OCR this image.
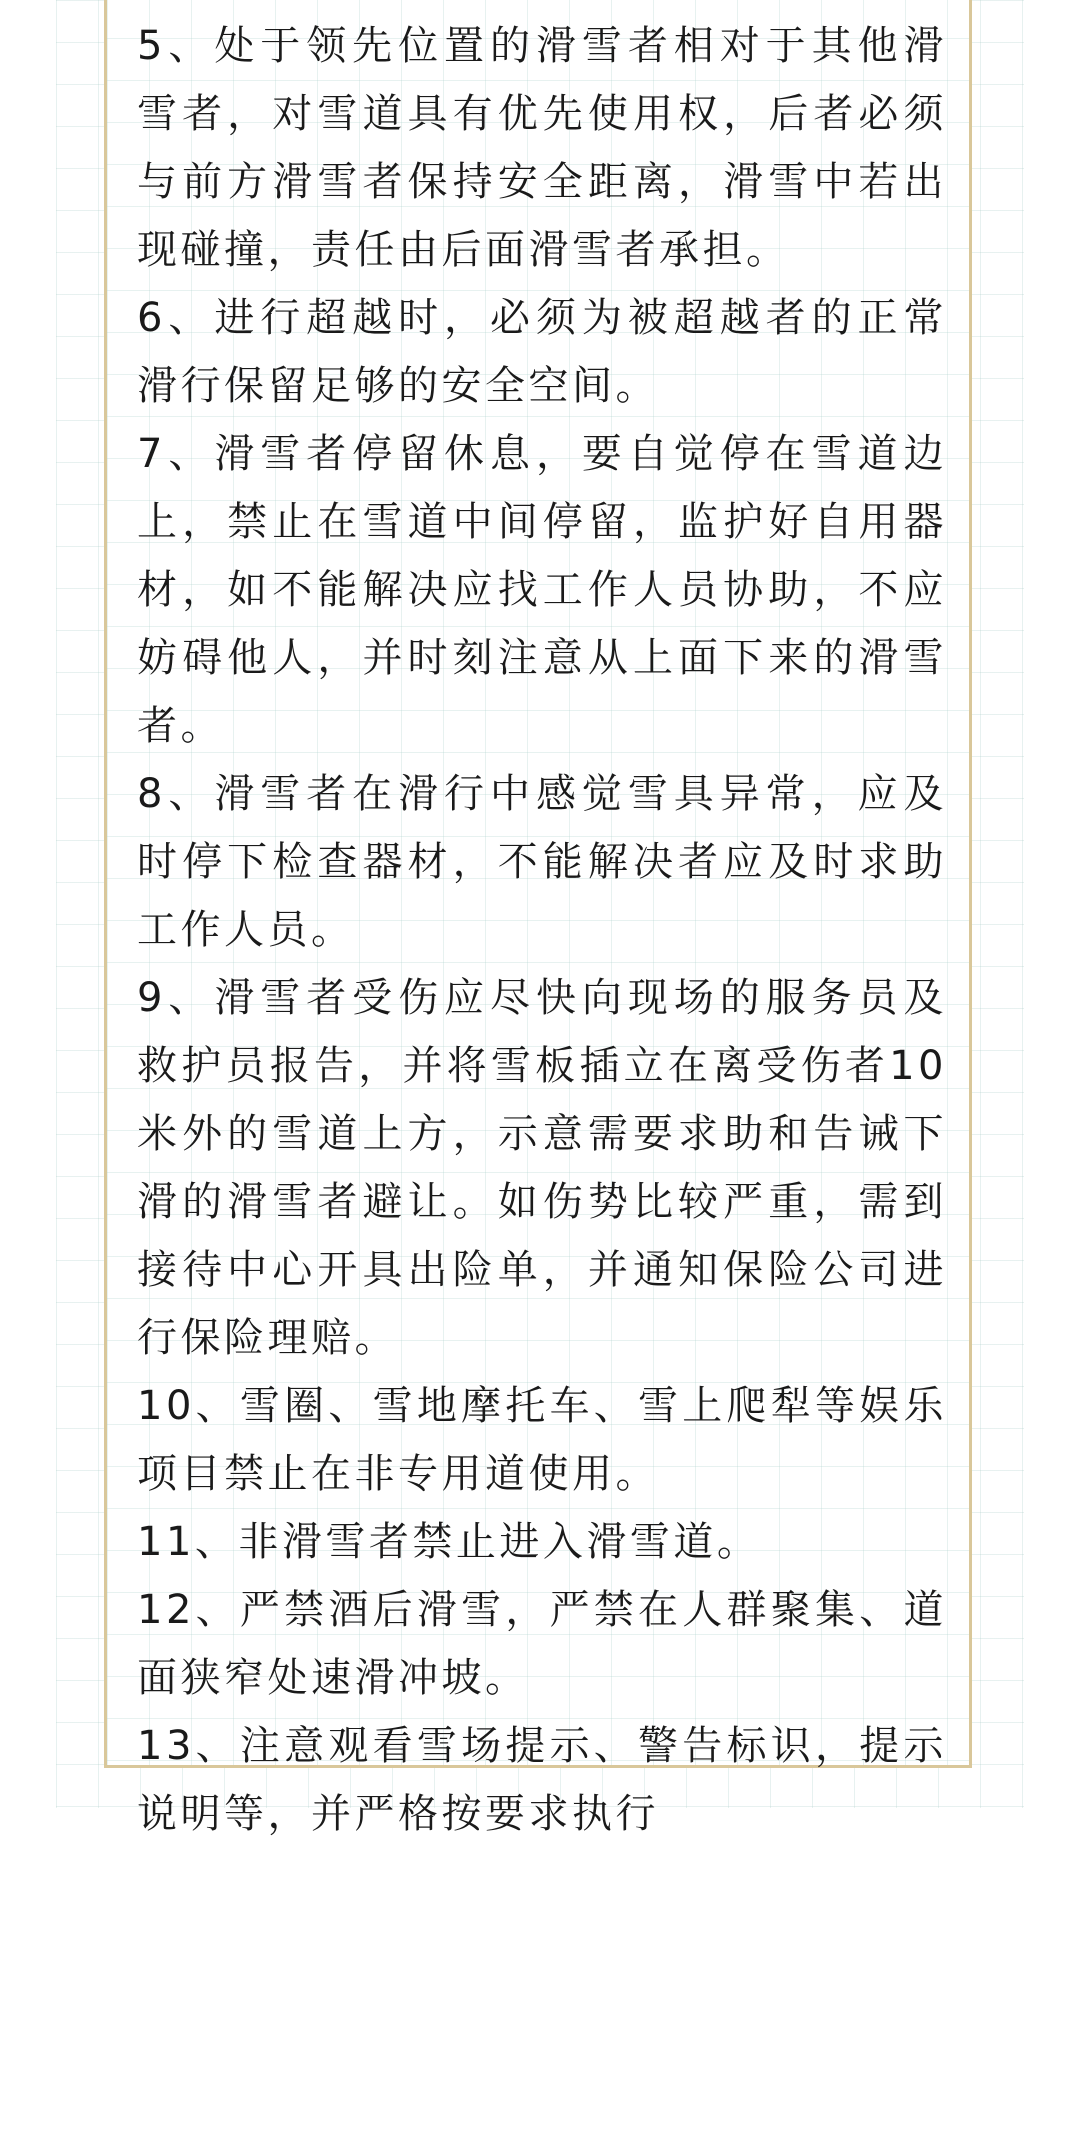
5、处于领先位置的滑雪者相对于其他滑雪者，对雪道具有优先使用权，后者必须与前方滑雪者保持安全距离，滑雪中若出现碰撞，责任由后面滑雪者承担。
6、进行超越时，必须为被超越者的正常滑行保留足够的安全空间。
7、滑雪者停留休息，要自觉停在雪道边上，禁止在雪道中间停留，监护好自用器材，如不能解决应找工作人员协助，不应妨碍他人，并时刻注意从上面下来的滑雪者。
8、滑雪者在滑行中感觉雪具异常，应及时停下检查器材，不能解决者应及时求助工作人员。
9、滑雪者受伤应尽快向现场的服务员及救护员报告，并将雪板插立在离受伤者10米外的雪道上方，示意需要求助和告诫下滑的滑雪者避让。如伤势比较严重，需到接待中心开具出险单，并通知保险公司进行保险理赔。
10、雪圈、雪地摩托车、雪上爬犁等娱乐项目禁止在非专用道使用。
11、非滑雪者禁止进入滑雪道。
12、严禁酒后滑雪，严禁在人群聚集、道面狭窄处速滑冲坡。
13、注意观看雪场提示、警告标识，提示说明等，并严格按要求执行
